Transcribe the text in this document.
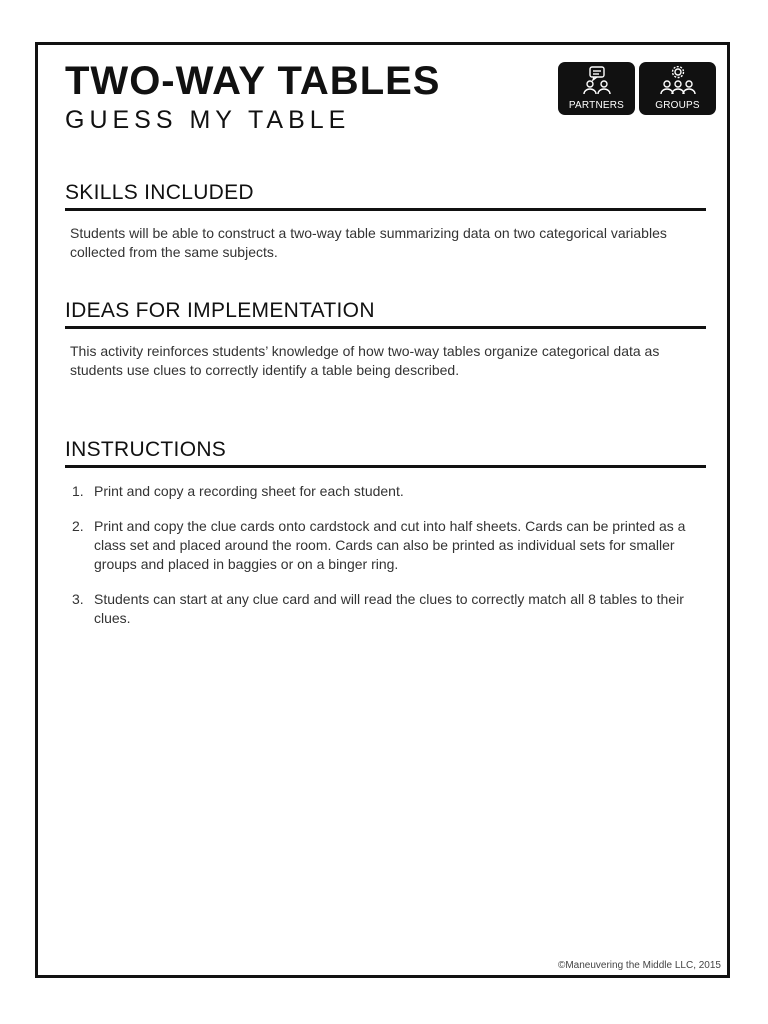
TWO-WAY TABLES
GUESS MY TABLE
PARTNERS	GROUPS
SKILLS INCLUDED

Students will be able to construct a two-way table summarizing data on two categorical variables collected from the same subjects.

IDEAS FOR IMPLEMENTATION

This activity reinforces students’ knowledge of how two-way tables organize categorical data as students use clues to correctly identify a table being described.

INSTRUCTIONS
1. Print and copy a recording sheet for each student.
2. Print and copy the clue cards onto cardstock and cut into half sheets. Cards can be printed as a class set and placed around the room. Cards can also be printed as individual sets for smaller groups and placed in baggies or on a binger ring.
3. Students can start at any clue card and will read the clues to correctly match all 8 tables to their clues.
©Maneuvering the Middle LLC, 2015
